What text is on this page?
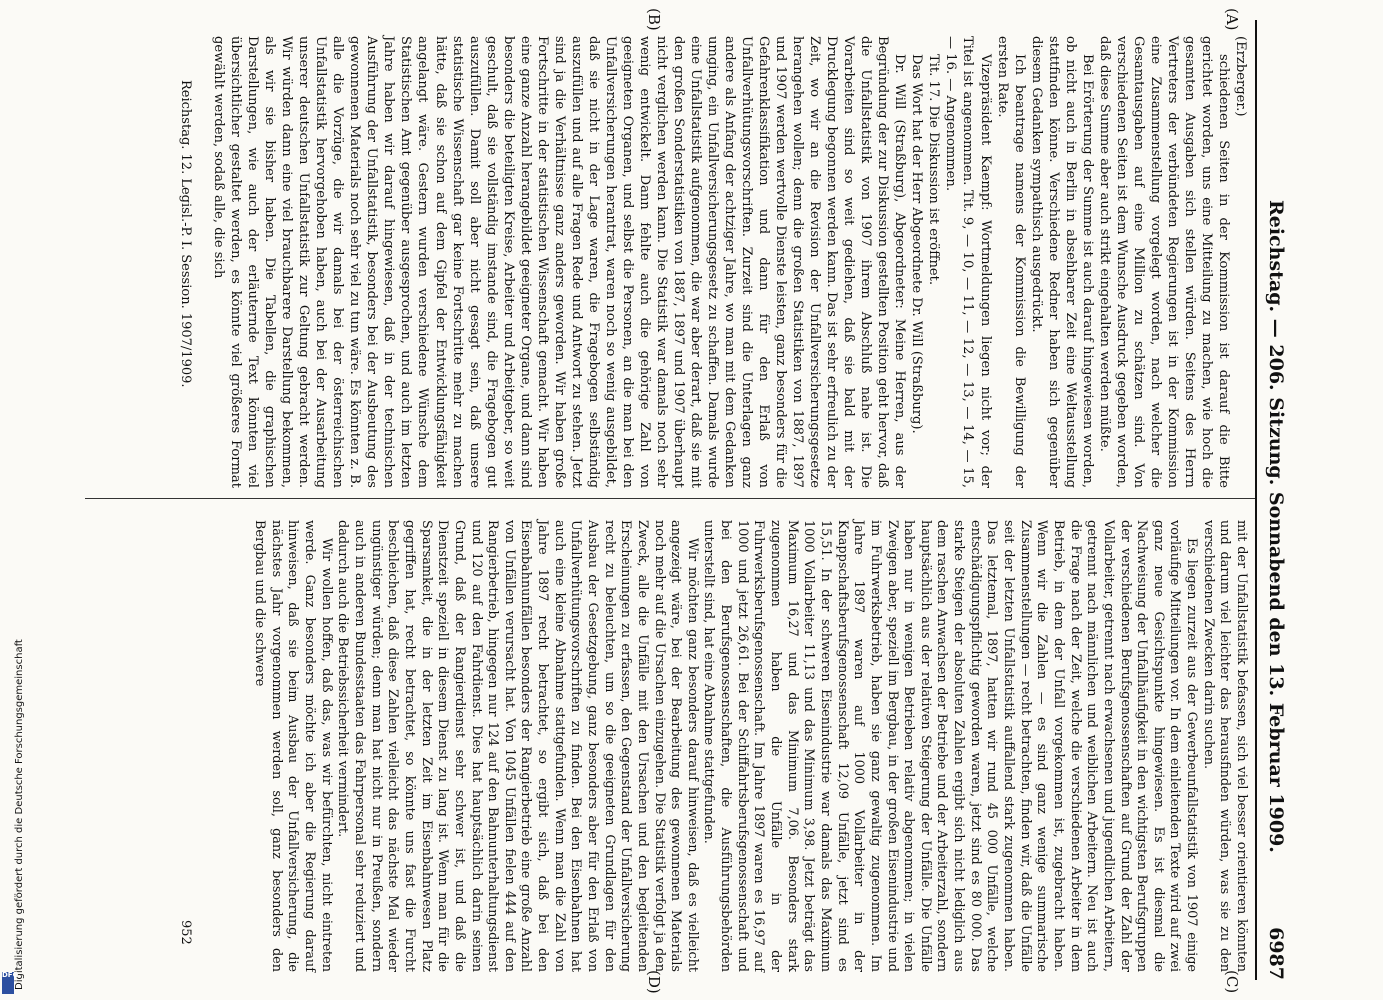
Reichstag. — 206. Sitzung. Sonnabend den 13. Februar 1909.
6987
(A)
(B)
(C)
(D)

(Erzberger.)

schiedenen Seiten in der Kommission ist darauf die Bitte gerichtet worden, uns eine Mitteilung zu machen, wie hoch die gesamten Ausgaben sich stellen würden. Seitens des Herrn Vertreters der verbündeten Regierungen ist in der Kommission eine Zusammenstellung vorgelegt worden, nach welcher die Gesamtausgaben auf eine Million zu schätzen sind. Von verschiedenen Seiten ist dem Wunsche Ausdruck gegeben worden, daß diese Summe aber auch strikt eingehalten werden müßte.

Bei Erörterung der Summe ist auch darauf hingewiesen worden, ob nicht auch in Berlin in absehbarer Zeit eine Weltausstellung stattfinden könne. Verschiedene Redner haben sich gegenüber diesem Gedanken sympathisch ausgedrückt.

Ich beantrage namens der Kommission die Bewilligung der ersten Rate.

Vizepräsident Kaempf: Wortmeldungen liegen nicht vor; der Titel ist angenommen. Tit. 9, — 10, — 11, — 12, — 13, — 14, — 15, — 16. — Angenommen.

Tit. 17. Die Diskussion ist eröffnet.

Das Wort hat der Herr Abgeordnete Dr. Will (Straßburg).

Dr. Will (Straßburg), Abgeordneter: Meine Herren, aus der Begründung der zur Diskussion gestellten Position geht hervor, daß die Unfallstatistik von 1907 ihrem Abschluß nahe ist. Die Vorarbeiten sind so weit gediehen, daß sie bald mit der Drucklegung begonnen werden kann. Das ist sehr erfreulich zu der Zeit, wo wir an die Revision der Unfallversicherungsgesetze herangehen wollen; denn die großen Statistiken von 1887, 1897 und 1907 werden wertvolle Dienste leisten, ganz besonders für die Gefahrenklassifikation und dann für den Erlaß von Unfallverhütungsvorschriften. Zurzeit sind die Unterlagen ganz andere als Anfang der achtziger Jahre, wo man mit dem Gedanken umging, ein Unfallversicherungsgesetz zu schaffen. Damals wurde eine Unfallstatistik aufgenommen, die war aber derart, daß sie mit den großen Sonderstatistiken von 1887, 1897 und 1907 überhaupt nicht verglichen werden kann. Die Statistik war damals noch sehr wenig entwickelt. Dann fehlte auch die gehörige Zahl von geeigneten Organen, und selbst die Personen, an die man bei den Unfallversicherungen herantrat, waren noch so wenig ausgebildet, daß sie nicht in der Lage waren, die Fragebogen selbständig auszufüllen und auf alle Fragen Rede und Antwort zu stehen. Jetzt sind ja die Verhältnisse ganz anders geworden. Wir haben große Fortschritte in der statistischen Wissenschaft gemacht. Wir haben eine ganze Anzahl herangebildet geeigneter Organe, und dann sind besonders die beteiligten Kreise, Arbeiter und Arbeitgeber, so weit geschult, daß sie vollständig imstande sind, die Fragebogen gut auszufüllen. Damit soll aber nicht gesagt sein, daß unsere statistische Wissenschaft gar keine Fortschritte mehr zu machen hätte, daß sie schon auf dem Gipfel der Entwicklungsfähigkeit angelangt wäre. Gestern wurden verschiedene Wünsche dem Statistischen Amt gegenüber ausgesprochen, und auch im letzten Jahre haben wir darauf hingewiesen, daß in der technischen Ausführung der Unfallstatistik, besonders bei der Ausbeutung des gewonnenen Materials noch sehr viel zu tun wäre. Es könnten z. B. alle die Vorzüge, die wir damals bei der österreichischen Unfallstatistik hervorgehoben haben, auch bei der Ausarbeitung unserer deutschen Unfallstatistik zur Geltung gebracht werden. Wir würden dann eine viel brauchbarere Darstellung bekommen, als wir sie bisher haben. Die Tabellen, die graphischen Darstellungen, wie auch der erläuternde Text könnten viel übersichtlicher gestaltet werden, es könnte viel größeres Format gewählt werden, sodaß alle, die sich

mit der Unfallstatistik befassen, sich viel besser orientieren könnten und darum viel leichter das herausfinden würden, was sie zu den verschiedenen Zwecken darin suchen.

Es liegen zurzeit aus der Gewerbeunfallstatistik von 1907 einige vorläufige Mitteilungen vor. In dem einleitenden Texte wird auf zwei ganz neue Gesichtspunkte hingewiesen. Es ist diesmal die Nachweisung der Unfallhäufigkeit in den wichtigsten Berufsgruppen der verschiedenen Berufsgenossenschaften auf Grund der Zahl der Vollarbeiter, getrennt nach erwachsenen und jugendlichen Arbeitern, getrennt nach männlichen und weiblichen Arbeitern. Neu ist auch die Frage nach der Zeit, welche die verschiedenen Arbeiter in dem Betrieb, in dem der Unfall vorgekommen ist, zugebracht haben. Wenn wir die Zahlen — es sind ganz wenige summarische Zusammenstellungen — recht betrachten, finden wir, daß die Unfälle seit der letzten Unfallstatistik auffallend stark zugenommen haben. Das letztemal, 1897, hatten wir rund 45 000 Unfälle, welche entschädigungspflichtig geworden waren, jetzt sind es 80 000. Das starke Steigen der absoluten Zahlen ergibt sich nicht lediglich aus dem raschen Anwachsen der Betriebe und der Arbeiterzahl, sondern hauptsächlich aus der relativen Steigerung der Unfälle. Die Unfälle haben nur in wenigen Betrieben relativ abgenommen; in vielen Zweigen aber, speziell im Bergbau, in der großen Eisenindustrie und im Fuhrwerksbetrieb, haben sie ganz gewaltig zugenommen. Im Jahre 1897 waren auf 1000 Vollarbeiter in der Knappschaftsberufsgenossenschaft 12,09 Unfälle, jetzt sind es 15,51. In der schweren Eisenindustrie war damals das Maximum 1000 Vollarbeiter 11,13 und das Minimum 3,98. Jetzt beträgt das Maximum 16,27 und das Minimum 7,06. Besonders stark zugenommen haben die Unfälle in der Fuhrwerksberufsgenossenschaft. Im Jahre 1897 waren es 16,97 auf 1000 und jetzt 26,61. Bei der Schiffahrtsberufsgenossenschaft und bei den Berufsgenossenschaften, die Ausführungsbehörden unterstellt sind, hat eine Abnahme stattgefunden.

Wir möchten ganz besonders darauf hinweisen, daß es vielleicht angezeigt wäre, bei der Bearbeitung des gewonnenen Materials noch mehr auf die Ursachen einzugehen. Die Statistik verfolgt ja den Zweck, alle die Unfälle mit den Ursachen und den begleitenden Erscheinungen zu erfassen, den Gegenstand der Unfallversicherung recht zu beleuchten, um so die geeigneten Grundlagen für den Ausbau der Gesetzgebung, ganz besonders aber für den Erlaß von Unfallverhütungsvorschriften zu finden. Bei den Eisenbahnen hat auch eine kleine Abnahme stattgefunden. Wenn man die Zahl von Jahre 1897 recht betrachtet, so ergibt sich, daß bei den Eisenbahnunfällen besonders der Rangierbetrieb eine große Anzahl von Unfällen verursacht hat. Von 1045 Unfällen fielen 444 auf den Rangierbetrieb, hingegen nur 124 auf den Bahnunterhaltungsdienst und 120 auf den Fahrdienst. Dies hat hauptsächlich darin seinen Grund, daß der Rangierdienst sehr schwer ist, und daß die Dienstzeit speziell in diesem Dienst zu lang ist. Wenn man für die Sparsamkeit, die in der letzten Zeit im Eisenbahnwesen Platz gegriffen hat, recht betrachtet, so könnte uns fast die Furcht beschleichen, daß diese Zahlen vielleicht das nächste Mal wieder ungünstiger würden; denn man hat nicht nur in Preußen, sondern auch in anderen Bundesstaaten das Fahrpersonal sehr reduziert und dadurch auch die Betriebssicherheit vermindert.

Wir wollen hoffen, daß das, was wir befürchten, nicht eintreten werde. Ganz besonders möchte ich aber die Regierung darauf hinweisen, daß sie beim Ausbau der Unfallversicherung, die nächstes Jahr vorgenommen werden soll, ganz besonders den Bergbau und die schwere

Reichstag. 12. Legisl.-P. I. Session. 1907/1909.
952
Digitalisierung gefördert durch die Deutsche Forschungsgemeinschaft
DFG
